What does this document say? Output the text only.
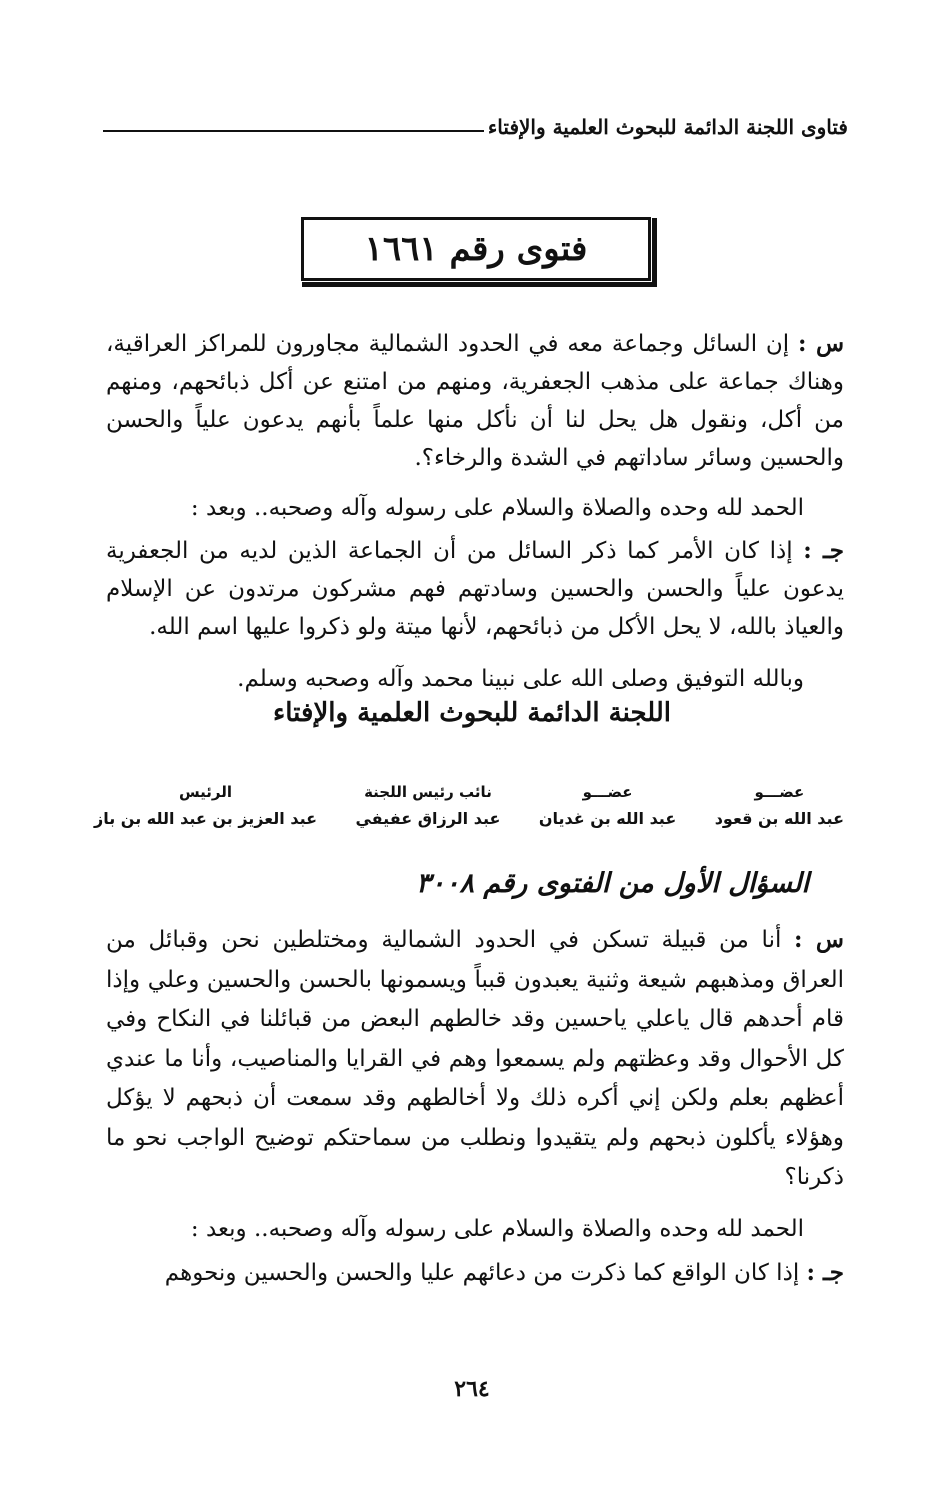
فتاوى اللجنة الدائمة للبحوث العلمية والإفتاء
فتوى رقم ١٦٦١

س : إن السائل وجماعة معه في الحدود الشمالية مجاورون للمراكز العراقية، وهناك جماعة على مذهب الجعفرية، ومنهم من امتنع عن أكل ذبائحهم، ومنهم من أكل، ونقول هل يحل لنا أن نأكل منها علماً بأنهم يدعون علياً والحسن والحسين وسائر ساداتهم في الشدة والرخاء؟.

الحمد لله وحده والصلاة والسلام على رسوله وآله وصحبه.. وبعد :

جـ : إذا كان الأمر كما ذكر السائل من أن الجماعة الذين لديه من الجعفرية يدعون علياً والحسن والحسين وسادتهم فهم مشركون مرتدون عن الإسلام والعياذ بالله، لا يحل الأكل من ذبائحهم، لأنها ميتة ولو ذكروا عليها اسم الله.

وبالله التوفيق وصلى الله على نبينا محمد وآله وصحبه وسلم.

اللجنة الدائمة للبحوث العلمية والإفتاء
عضـــو
عبد الله بن قعود
عضـــو
عبد الله بن غديان
نائب رئيس اللجنة
عبد الرزاق عفيفي
الرئيس
عبد العزيز بن عبد الله بن باز
السؤال الأول من الفتوى رقم ٣٠٠٨

س : أنا من قبيلة تسكن في الحدود الشمالية ومختلطين نحن وقبائل من العراق ومذهبهم شيعة وثنية يعبدون قبباً ويسمونها بالحسن والحسين وعلي وإذا قام أحدهم قال ياعلي ياحسين وقد خالطهم البعض من قبائلنا في النكاح وفي كل الأحوال وقد وعظتهم ولم يسمعوا وهم في القرايا والمناصيب، وأنا ما عندي أعظهم بعلم ولكن إني أكره ذلك ولا أخالطهم وقد سمعت أن ذبحهم لا يؤكل وهؤلاء يأكلون ذبحهم ولم يتقيدوا ونطلب من سماحتكم توضيح الواجب نحو ما ذكرنا؟

الحمد لله وحده والصلاة والسلام على رسوله وآله وصحبه.. وبعد :

جـ : إذا كان الواقع كما ذكرت من دعائهم عليا والحسن والحسين ونحوهم

٢٦٤
